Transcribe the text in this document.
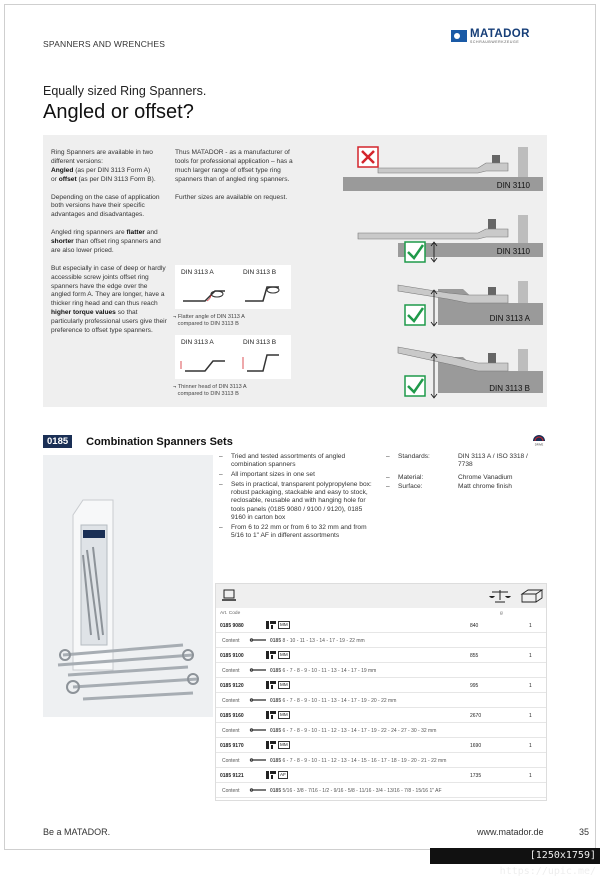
SPANNERS AND WRENCHES
MATADOR
SCHRAUBWERKZEUGE
Equally sized Ring Spanners.
Angled or offset?

Ring Spanners are available in two different versions:
Angled (as per DIN 3113 Form A)
or offset (as per DIN 3113 Form B).

Depending on the case of application both versions have their specific advantages and disadvantages.

Angled ring spanners are flatter and shorter than offset ring spanners and are also lower priced.

But especially in case of deep or hardly accessible screw joints offset ring spanners have the edge over the angled form A. They are longer, have a thicker ring head and can thus reach higher torque values so that particularly professional users give their preference to offset type spanners.

Thus MATADOR - as a manufacturer of tools for professional application – has a much larger range of offset type ring spanners than of angled ring spanners.

Further sizes are available on request.

DIN 3113 A	DIN 3113 B
¬ Flatter angle of DIN 3113 A
compared to DIN 3113 B
DIN 3113 A	DIN 3113 B
¬ Thinner head of DIN 3113 A
compared to DIN 3113 B
DIN 3110
DIN 3110
DIN 3113 A
DIN 3113 B
0185	Combination Spanners Sets	DRIVE
– Tried and tested assortments of angled combination spanners
– All important sizes in one set
– Sets in practical, transparent polypropylene box: robust packaging, stackable and easy to stock, reclosable, reusable and with hanging hole for tools panels (0185 9080 / 9100 / 9120), 0185 9160 in carton box
– From 6 to 22 mm or from 6 to 32 mm and from 5/16 to 1" AF in different assortments
– Standards:	DIN 3113 A / ISO 3318 / 7738
– Material:	Chrome Vanadium
– Surface:	Matt chrome finish
Art. Code	g
0185 9080	MM	840	1
Content	0185 8 - 10 - 11 - 13 - 14 - 17 - 19 - 22 mm
0185 9100	MM	855	1
Content	0185 6 - 7 - 8 - 9 - 10 - 11 - 13 - 14 - 17 - 19 mm
0185 9120	MM	995	1
Content	0185 6 - 7 - 8 - 9 - 10 - 11 - 13 - 14 - 17 - 19 - 20 - 22 mm
0185 9160	MM	2670	1
Content	0185 6 - 7 - 8 - 9 - 10 - 11 - 12 - 13 - 14 - 17 - 19 - 22 - 24 - 27 - 30 - 32 mm
0185 9170	MM	1690	1
Content	0185 6 - 7 - 8 - 9 - 10 - 11 - 12 - 13 - 14 - 15 - 16 - 17 - 18 - 19 - 20 - 21 - 22 mm
0185 9121	AF	1735	1
Content	0185 5/16 - 3/8 - 7/16 - 1/2 - 9/16 - 5/8 - 11/16 - 3/4 - 13/16 - 7/8 - 15/16 1" AF
Be a MATADOR.	www.matador.de	35
[1250x1759] https://upic.me/
